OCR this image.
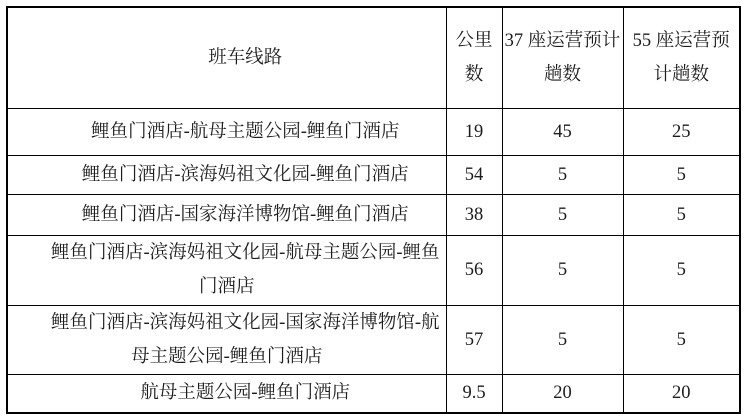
班车线路	公里数	37 座运营预计趟数	55 座运营预计趟数
鲤鱼门酒店-航母主题公园-鲤鱼门酒店	19	45	25
鲤鱼门酒店-滨海妈祖文化园-鲤鱼门酒店	54	5	5
鲤鱼门酒店-国家海洋博物馆-鲤鱼门酒店	38	5	5
鲤鱼门酒店-滨海妈祖文化园-航母主题公园-鲤鱼门酒店	56	5	5
鲤鱼门酒店-滨海妈祖文化园-国家海洋博物馆-航母主题公园-鲤鱼门酒店	57	5	5
航母主题公园-鲤鱼门酒店	9.5	20	20
